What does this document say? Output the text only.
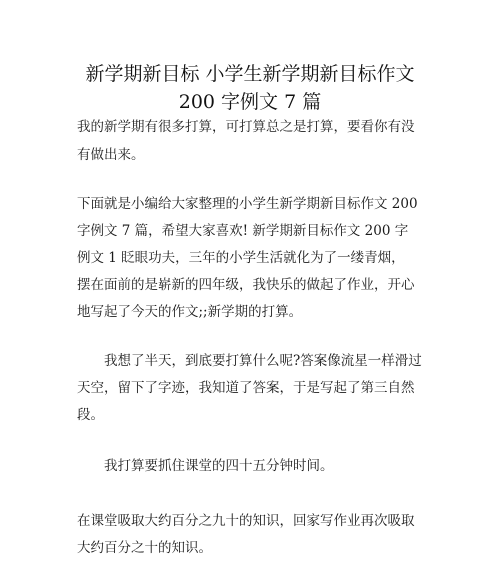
新学期新目标 小学生新学期新目标作文
200 字例文 7 篇
我的新学期有很多打算，可打算总之是打算，要看你有没
有做出来。
下面就是小编给大家整理的小学生新学期新目标作文 200
字例文 7 篇，希望大家喜欢! 新学期新目标作文 200 字
例文 1 眨眼功夫，三年的小学生活就化为了一缕青烟，
摆在面前的是崭新的四年级，我快乐的做起了作业，开心
地写起了今天的作文;;新学期的打算。
我想了半天，到底要打算什么呢?答案像流星一样滑过
天空，留下了字迹，我知道了答案，于是写起了第三自然
段。
我打算要抓住课堂的四十五分钟时间。
在课堂吸取大约百分之九十的知识，回家写作业再次吸取
大约百分之十的知识。
